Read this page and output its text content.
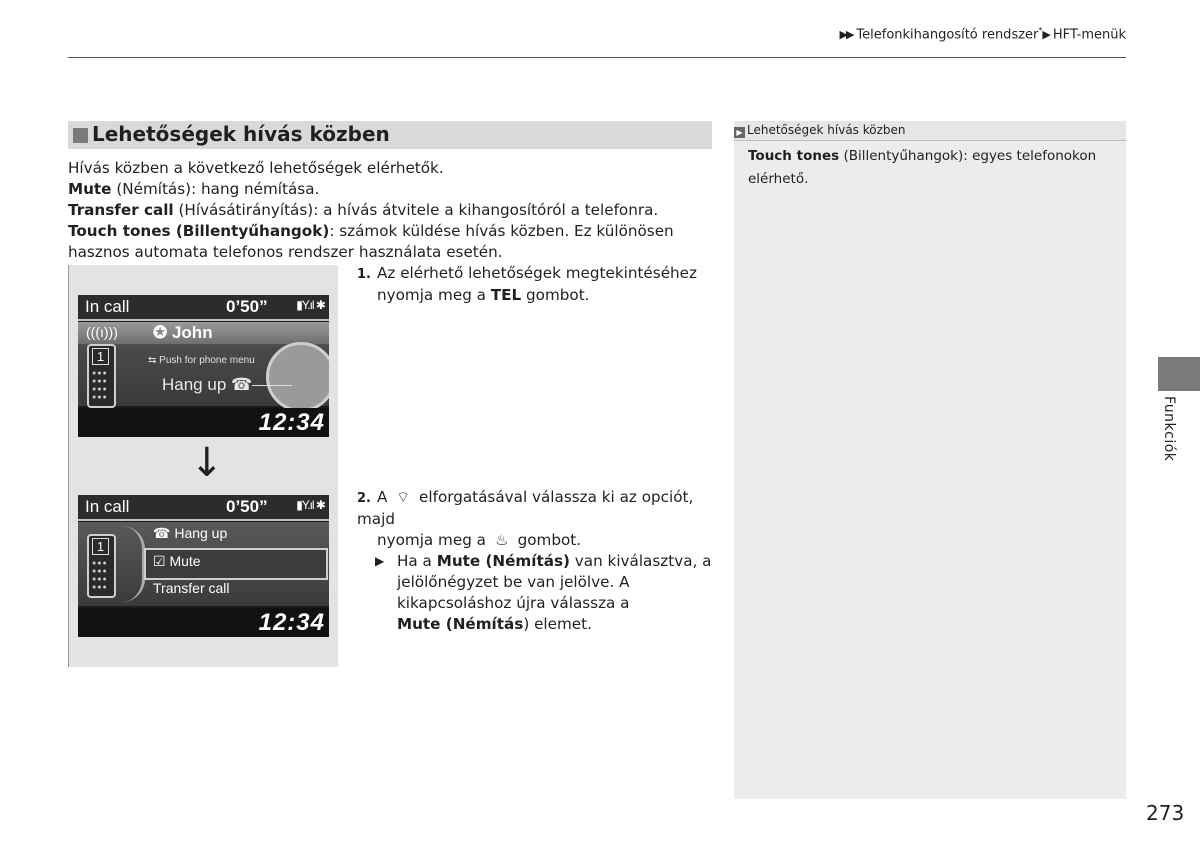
▶▶ Telefonkihangosító rendszer*▶ HFT-menük
Lehetőségek hívás közben

Hívás közben a következő lehetőségek elérhetők.

Mute (Némítás): hang némítása.

Transfer call (Hívásátirányítás): a hívás átvitele a kihangosítóról a telefonra.

Touch tones (Billentyűhangok): számok küldése hívás közben. Ez különösen hasznos automata telefonos rendszer használata esetén.

In call	0’50” ▮Y.ıl ✱
(((ı))) ✪ John
1
●●●
●●●
●●●
●●●
⇆ Push for phone menu
Hang up ☎
12:34
In call	0’50” ▮Y.ıl ✱
1
●●●
●●●
●●●
●●●
☎ Hang up
☑ Mute
Transfer call
12:34
↓
1. Az elérhető lehetőségek megtekintéséhez
nyomja meg a TEL gombot.
2. A ⌔ elforgatásával válassza ki az opciót, majd
nyomja meg a ♨ gombot.
▶ Ha a Mute (Némítás) van kiválasztva, a jelölőnégyzet be van jelölve. A kikapcsoláshoz újra válassza a
Mute (Némítás) elemet.
▶ Lehetőségek hívás közben
Touch tones (Billentyűhangok): egyes telefonokon elérhető.
Funkciók
273
